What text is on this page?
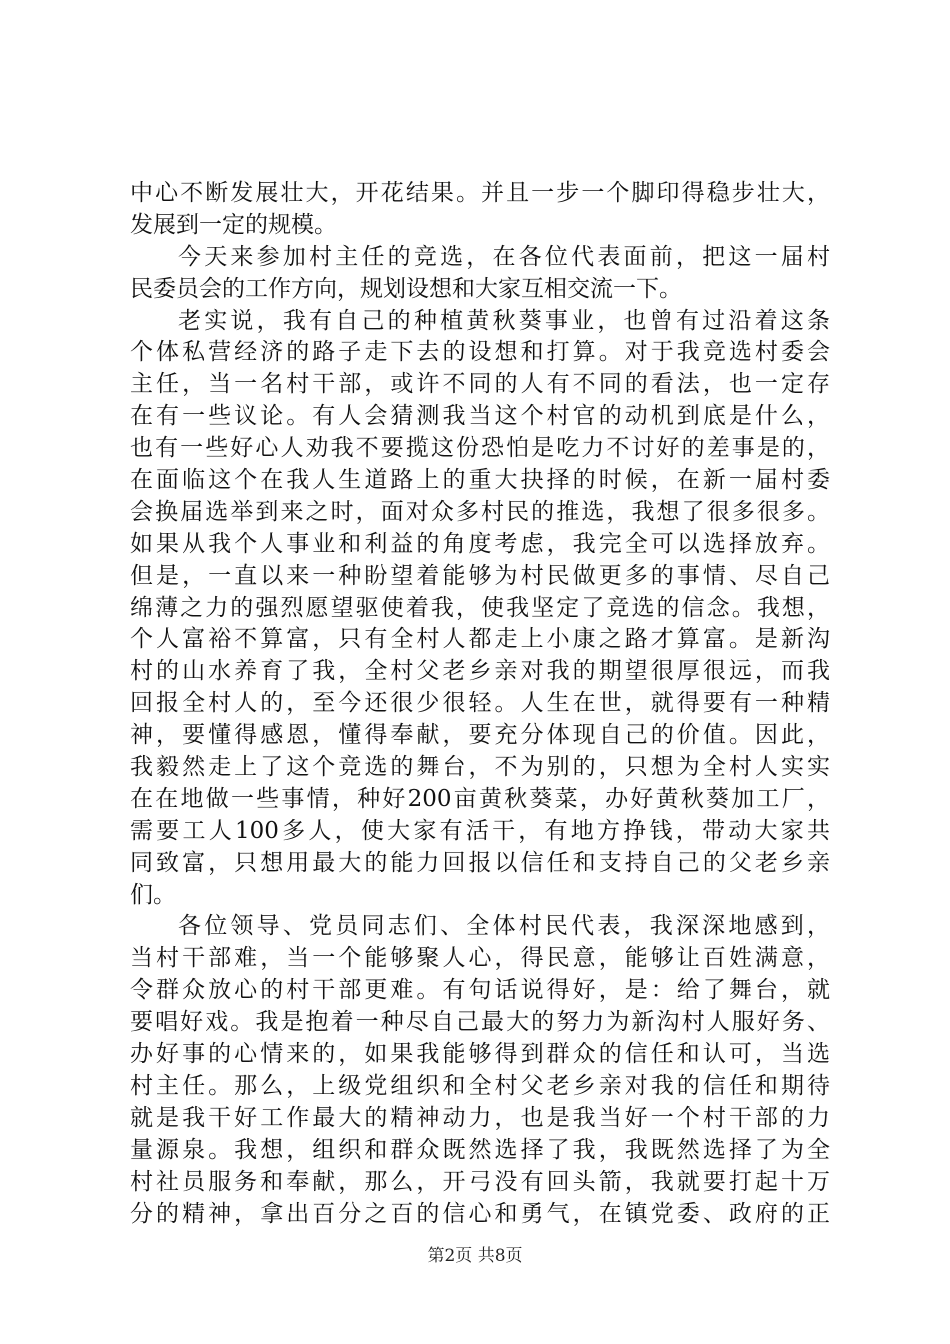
中心不断发展壮大，开花结果。并且一步一个脚印得稳步壮大，
发展到一定的规模。
今天来参加村主任的竞选，在各位代表面前，把这一届村
民委员会的工作方向，规划设想和大家互相交流一下。
老实说，我有自己的种植黄秋葵事业，也曾有过沿着这条
个体私营经济的路子走下去的设想和打算。对于我竞选村委会
主任，当一名村干部，或许不同的人有不同的看法，也一定存
在有一些议论。有人会猜测我当这个村官的动机到底是什么，
也有一些好心人劝我不要揽这份恐怕是吃力不讨好的差事是的，
在面临这个在我人生道路上的重大抉择的时候，在新一届村委
会换届选举到来之时，面对众多村民的推选，我想了很多很多。
如果从我个人事业和利益的角度考虑，我完全可以选择放弃。
但是，一直以来一种盼望着能够为村民做更多的事情、尽自己
绵薄之力的强烈愿望驱使着我，使我坚定了竞选的信念。我想，
个人富裕不算富，只有全村人都走上小康之路才算富。是新沟
村的山水养育了我，全村父老乡亲对我的期望很厚很远，而我
回报全村人的，至今还很少很轻。人生在世，就得要有一种精
神，要懂得感恩，懂得奉献，要充分体现自己的价值。因此，
我毅然走上了这个竞选的舞台，不为别的，只想为全村人实实
在在地做一些事情，种好200亩黄秋葵菜，办好黄秋葵加工厂，
需要工人100多人，使大家有活干，有地方挣钱，带动大家共
同致富，只想用最大的能力回报以信任和支持自己的父老乡亲
们。
各位领导、党员同志们、全体村民代表，我深深地感到，
当村干部难，当一个能够聚人心，得民意，能够让百姓满意，
令群众放心的村干部更难。有句话说得好，是：给了舞台，就
要唱好戏。我是抱着一种尽自己最大的努力为新沟村人服好务、
办好事的心情来的，如果我能够得到群众的信任和认可，当选
村主任。那么，上级党组织和全村父老乡亲对我的信任和期待
就是我干好工作最大的精神动力，也是我当好一个村干部的力
量源泉。我想，组织和群众既然选择了我，我既然选择了为全
村社员服务和奉献，那么，开弓没有回头箭，我就要打起十万
分的精神，拿出百分之百的信心和勇气，在镇党委、政府的正
第2页 共8页
